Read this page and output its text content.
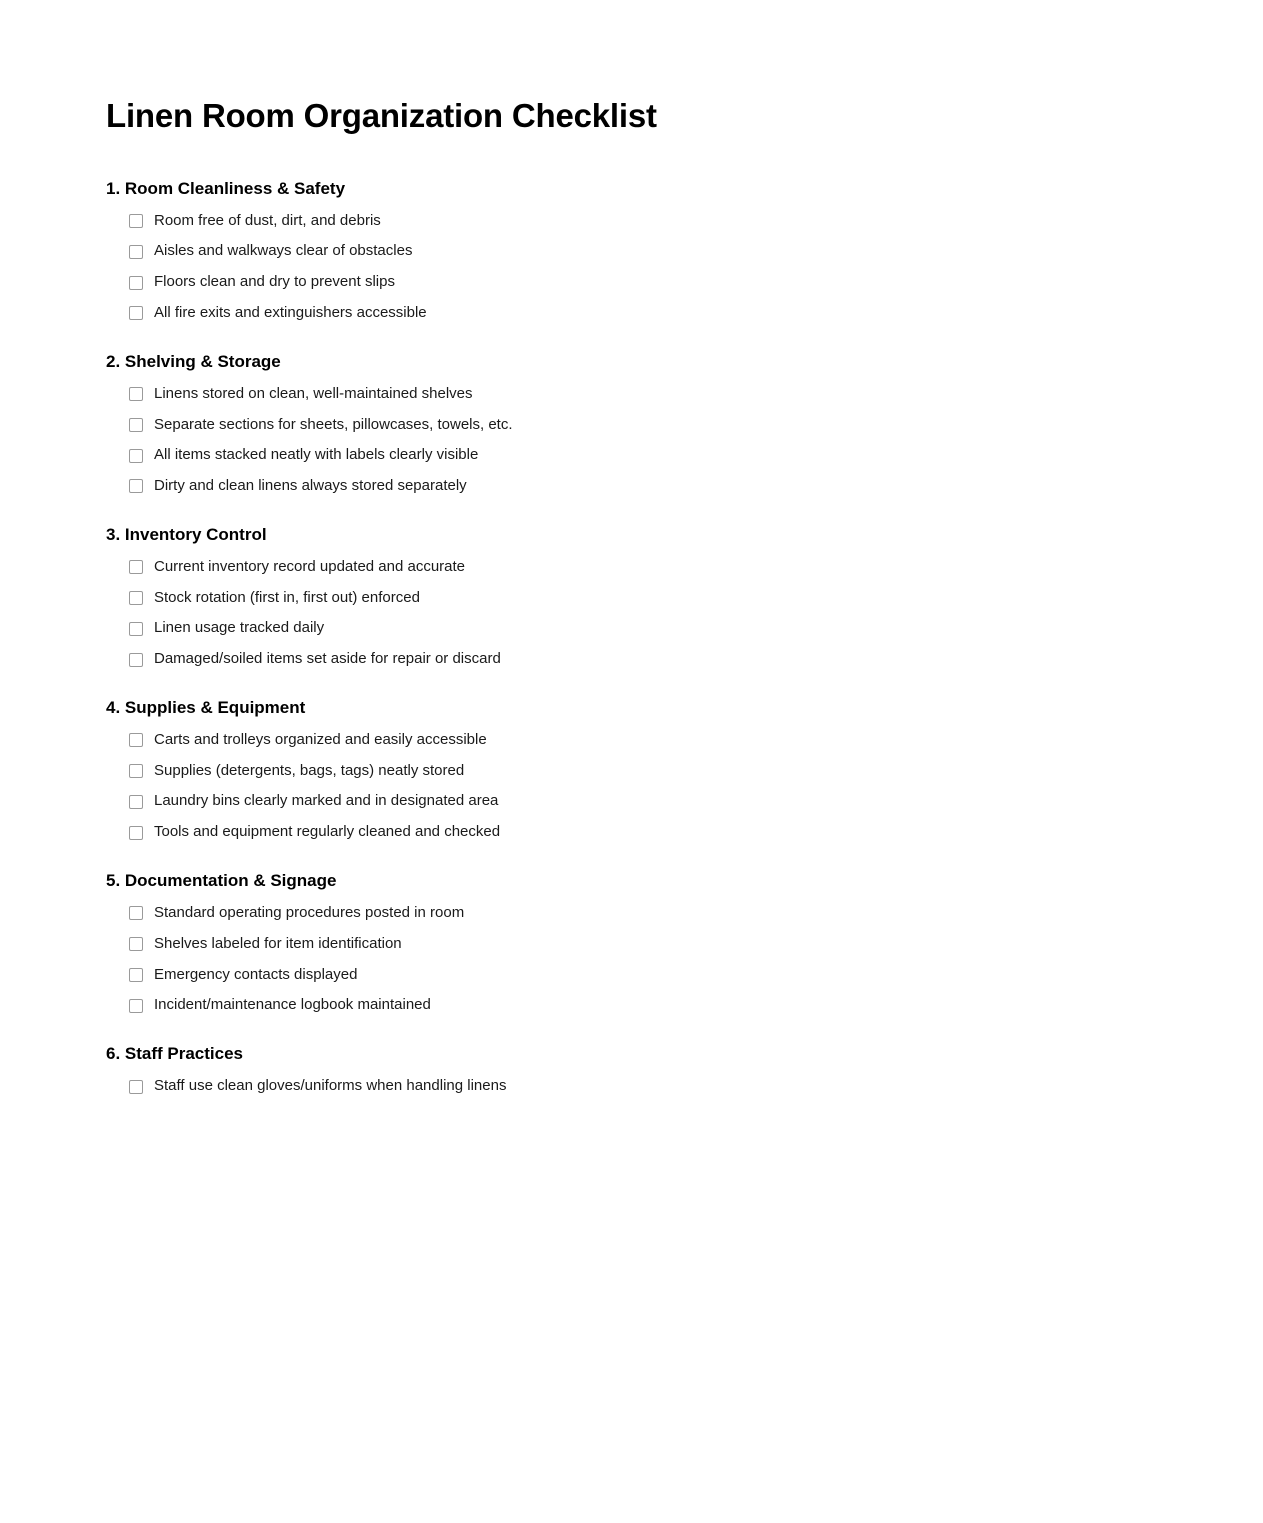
Linen Room Organization Checklist
1. Room Cleanliness & Safety
Room free of dust, dirt, and debris
Aisles and walkways clear of obstacles
Floors clean and dry to prevent slips
All fire exits and extinguishers accessible
2. Shelving & Storage
Linens stored on clean, well-maintained shelves
Separate sections for sheets, pillowcases, towels, etc.
All items stacked neatly with labels clearly visible
Dirty and clean linens always stored separately
3. Inventory Control
Current inventory record updated and accurate
Stock rotation (first in, first out) enforced
Linen usage tracked daily
Damaged/soiled items set aside for repair or discard
4. Supplies & Equipment
Carts and trolleys organized and easily accessible
Supplies (detergents, bags, tags) neatly stored
Laundry bins clearly marked and in designated area
Tools and equipment regularly cleaned and checked
5. Documentation & Signage
Standard operating procedures posted in room
Shelves labeled for item identification
Emergency contacts displayed
Incident/maintenance logbook maintained
6. Staff Practices
Staff use clean gloves/uniforms when handling linens
